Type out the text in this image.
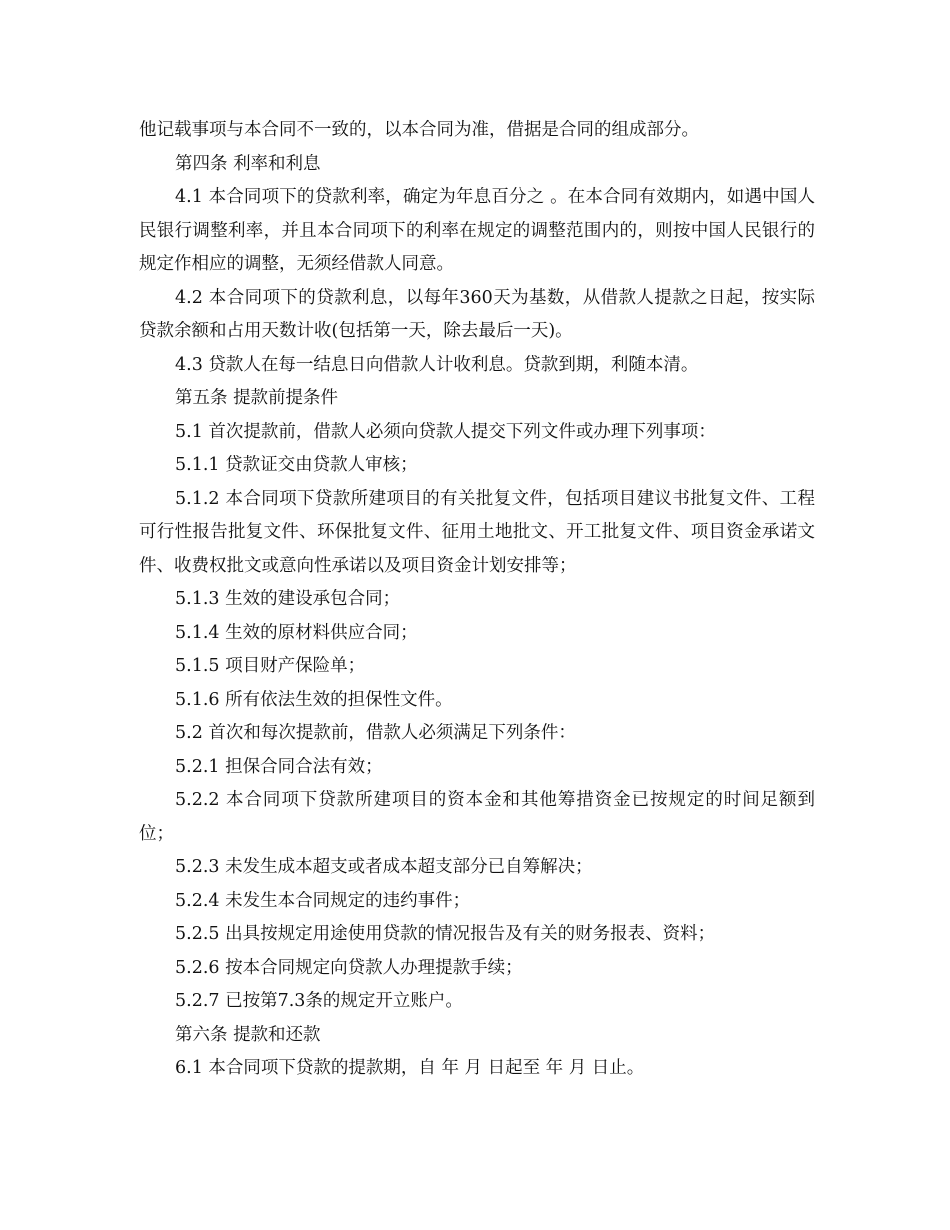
他记载事项与本合同不一致的，以本合同为准，借据是合同的组成部分。

第四条 利率和利息

4.1 本合同项下的贷款利率，确定为年息百分之 。在本合同有效期内，如遇中国人民银行调整利率，并且本合同项下的利率在规定的调整范围内的，则按中国人民银行的规定作相应的调整，无须经借款人同意。

4.2 本合同项下的贷款利息，以每年360天为基数，从借款人提款之日起，按实际贷款余额和占用天数计收(包括第一天，除去最后一天)。

4.3 贷款人在每一结息日向借款人计收利息。贷款到期，利随本清。

第五条 提款前提条件

5.1 首次提款前，借款人必须向贷款人提交下列文件或办理下列事项：

5.1.1 贷款证交由贷款人审核；

5.1.2 本合同项下贷款所建项目的有关批复文件，包括项目建议书批复文件、工程可行性报告批复文件、环保批复文件、征用土地批文、开工批复文件、项目资金承诺文件、收费权批文或意向性承诺以及项目资金计划安排等；

5.1.3 生效的建设承包合同；

5.1.4 生效的原材料供应合同；

5.1.5 项目财产保险单；

5.1.6 所有依法生效的担保性文件。

5.2 首次和每次提款前，借款人必须满足下列条件：

5.2.1 担保合同合法有效；

5.2.2 本合同项下贷款所建项目的资本金和其他筹措资金已按规定的时间足额到位；

5.2.3 未发生成本超支或者成本超支部分已自筹解决；

5.2.4 未发生本合同规定的违约事件；

5.2.5 出具按规定用途使用贷款的情况报告及有关的财务报表、资料；

5.2.6 按本合同规定向贷款人办理提款手续；

5.2.7 已按第7.3条的规定开立账户。

第六条 提款和还款

6.1 本合同项下贷款的提款期，自 年 月 日起至 年 月 日止。
